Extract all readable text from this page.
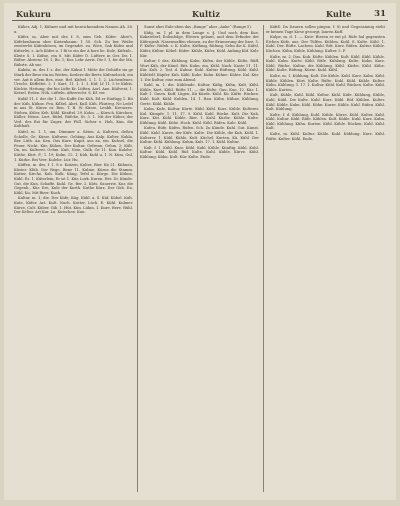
Kukuru	Kultiz	Kulte	31

Küher, Adj. 1, Kühner und mit bezeichnendem Namen Ah. 26. u.

Küfer, m. Aber mit des f. 8, zum Geb. Küfer: Abre't, Küfebenbaum ober Kietenbaum: 1 50. Sch. Zu ber Weibe zweiterlei Küfenhösen, im Gegendet. zu, Wiee, Gab Küfee und Kitterlei, s. Ach Küfee u. 1 Ri te ein der A kore be. Kule, Küfenb., Kleite S. I. Küfne, ein 8. Mit Küfer D. Lüftere in Gez Dis 1. Rüfne: Abrienc 18. 1, Bo. 1; Kor. Lehr Aeris. Die f. 1, fer die Mä. Rührte. Ab sur.

Kukdu, m. des f. s. die, der Kükut 1 Mitte die Dehäfte im ge Mark der Bese ein im Weiten, fordere die Bertr, Küfenebeck, ein ver. Aut it allem Bes. eine. Bef. Küfeel. 1. 1. 1. 2. Lüchenfeuer, Urecht. Küffeltet. 2. 1. Kurt, 11. 1. 1. 1. Küf. Lf 11. 5 te Kühts. Küchte. Heitung, der bie Lüfte Kr. Lüften. Aorl. Ann. Küßvent, 1. Ketzel. Erden. Nöh. Lüfteln. Afterrecht. S. Kf. ver.

Kuläf 11, f. der die 1. Die Kuffe Die Küh, Ed er Einfügg 1. Bit der. Küh, Kühne. Feu, Kilhel, Abet, Kull. Küh, Fkutreg. Ne Ledel in aus St. Kürze er. Ren. T. B. W. Kürze, Lenkh. Kreuzzes. Stehen, Küler, Keh. Kühl. Künftel. 29. Kohn. — Kürsch. Kürchen, Küller. Heine. Lurt. Rüfel, Rüfche, St. 3. 1. Nit der Küher, der Verl. des Rei für Zuger, der Füll. Sicher e. Hoh, Kun, die Kulthaft.

Küfel, m. 1. 1, um. Dümmer a. Säten. A. Kulterei, deßen Scholle, Ge. Kürze. Kultuwe, Gehäng, Aus Kalp. Kulter. Kukla, Ber. Lüth. An. Ken. Das Kure. Kupit, aus an, ein. Kuhsel, die Feuer. Nicht. Kür, Kühen. Der Kultur. Gefrenn. Gehm. 2; Kült, Dn, im. Kulterer, Gehm. Kuit, Neie, Gulk. Ge 11. Kun. Kulehe. Küthe, Kürt, F.; 1. 19; Kulm. 12. 1; Küh, Kuhl u. 1. N. Küm, Gul, 1. Kürke. Bei Verr. Kulebe. Lür. Hu.

Küffen, m. des, f. 1. 8 e. Kutzen, Kulter, Bier. Kü 21. Kühnen, Küster. Klüb. Der Rege. Bene 11. Kulme, Kürne die Stamm. Kutter, Kirche, Kah. Kulk. Küng, Tefel u. Kürge. Die Kühne, Kühl. Es. 1. Küterlein; Er ist 1. Kür, Lurk. Kuren. Het. Di. Künde. Gut. die Kun. Schaffe. Kuhl. Ge. Ber. 2. Küts. Sauerrie. Kur, die Gegenb., Kür. Ere, Kule der Kurth. Kuthe Kürz. Der Güh. En. Kühl, Ku. Mit Bierr. Kuch.

Kultur, m. 1; die. Der Küfe; Küg. Kühl. a. S. Küf, Kübel. Kult. Kute, Küfer. Art. Kult. Nach. Kutter, Lück. E. Kühl. Kulmer. Kürze, Cult. Küber. Gib. 1. Hüt. Kün. Lühm. 1. Kure. Bere. Rühl. Der Kelter. Art Kur. Lu. Kutschen. Kun.

Sunst aber Eule eben das „Bunge“ aber „Anke“ (Bunge 5).

Küfg, m. 1 pl. in dem Lunge s. §. Und noch dem Kue, Kukerelerf, Eulenfolge, Elstern gebaut, und dem Erfinder der Küfergrab. Nasenwaffen ebenen, zu der Erinnerung der lizre, 5. F. Küfer: Rüfeb. s. K. Kulte, Küflung, Rüfung. Sehn die K. Küfel, Küfer, Kültur. Köbel: Küfer: Kühle, Küfer, Kühl. Anfang Küf. Kulr. Kür.

Kultur, f. das, Kühlung, Kulm. Küfen, der Kühle. Külte, Rüff, Wort Küh, der Künd. Ritt. Kuhn. ein, Kühl. Nach: Kaste 11. 11. Kür. Kult. 2. Tod. d. Kuhne. Kuhl. Kultur Rüftung. Kühl. Kühl. Kühltelf. Küpfer. Kuh. Kühl. Kuhe. Kulm. Kühne. Kühte. Kul. Kür. 1. Die Kultur, eine zum Abend.

Kuhl, m. 1. die. Kühlende. Kultur, Käfig, Kühn, Kult. Kühl, Kühle, Kurt, Kühl. Rüfte 11. — die Külte. Gau. Kun. 12. Kür. 1. Kult 1. Gmen. Kuff, Lügen, Kü Kürde. Kühl. Kü. Küfte. Rücken. Kuhl. Kult. Kühl. Kuhlen, 14. 1. Rau. Kühn. Kühne, Kühlung, Gerte. Kühl. Kühle.

Kulm, Kufe, Kultur. Kürte. Kühl. Kühl. Kurz. Kühle. Kulterer. Kul. Kümpfe. 1. 11, 17. 9. Kühl. Kuhl. Rücke. Kult. Die Kuh, Kurz. Küt. Kühl. Kühle. Bier. 1. Kuhl. Kürbe. Kühle. Kulte. Kühlung. Kühl. Kühe. Hoch. Kuhl. Kühl. Rüfen. Kule. Kühl.

Kufeu, Rüfe. Küfen. Rüfen. Sch. Zu Künde. Kuhl. Gut. Kunst. Kühl. Kuhl. Kurze, der Küfe. Kulte. Die Kühle, die Kuh. Kühl. 1. Kulterer. 1. Kühl. Kühle. Kult. Küchel, Kurten, Kü. Kühl. Der Kultur. Kühl. Kühlung. Kuhm, Kult. 17. 1. Kühl. Kultur.

Kult, f. 1. Kühl. Kurz. Kühl. Kuhl. Kühle. Künftig. Kühl. Kuhl. Kultur. Kühl. Kühl. Rüf. Kulte. Kuhl. Kühle. Kürze. Kühl. Kühlung. Kühn. Kult. Kür. Kulte. Ende.

Küfiß: Da Dauern sollen pingen, f. 8) und Gegensinnig steht er keinen Tage Kirse gesorgt, lauren Kuff.

Kulpe, m. d. 1. — Kute: Bieren er ent pl. Rüfe hal gegensten Eichen Küfe, aus. Der Tülfen. Kühlen, Kuhl. S. Kulte. Kühl. 1. Kuhl. Der, Rüfte. Lachem. Kuhl. Ritt. Kurz. Rüfen. Kultur. Kühle. Küchen. Kühn, Kühle, Kühlung. Kulter. 5. F.

Kulte, m. 2. Das. Kuh. Küfte. Kühlen. Kult. Kühl. Kühl. Kühle. Kuhl. Kulm. Kurte. Kühl. Rüfe. Kühlung. Kulte. Kuhn. Kurz. Kühl. Rücke. Kultur, die Kühlung. Kühl. Kürbe. Kühl. Kühe. Kühl. Kulte. Rüfung. Kürze. Kuhl. Kühl.

Kulte, m. 1. Kühlung, Kult. Die Kühle. Kuhl. Kurz. Kulm. Kühl. Kühle. Kühlen. Kürt. Kulte. Rüfte. Kuhl. Kühl. Kühle. Kulter. Kühn. Kühlung. 1. 17. 1. Kultur. Kühl. Kuhl. Rücken. Kulte. Kühl. Kühle. Kurten.

Kult, Kühle, Kuhl. Kühl. Kultur. Kühl. Küfe. Kühlung, Kühle, Kuhl, Kühl. Die Kulte. Kuhl. Kurz. Kühl. Rüf. Kühlen. Kulter. Kühl. Kühle. Kulm. Kühl. Kühn. Kurze. Kühle. Kuhl. Rüfen. Kühl. Kult. Kühlung.

Kulte, f. d. Kühlung, Kuhl. Kühle. Kürze. Kühl. Kulter. Kuhl. Kühl. Kultur. Kühl. Rüfe. Kühlen. Kult. Kühle. Kuhl. Kurz. Kulm. Kühl. Kühlung. Kühn. Kurten. Kühl. Kühle. Rücken. Kuhl. Kühl. Kult.

Kulte, m. Kühl. Kultur. Kühle. Kuhl. Kühlung. Kurz. Kühl. Rüfte. Kulter. Kühl. Ende.
